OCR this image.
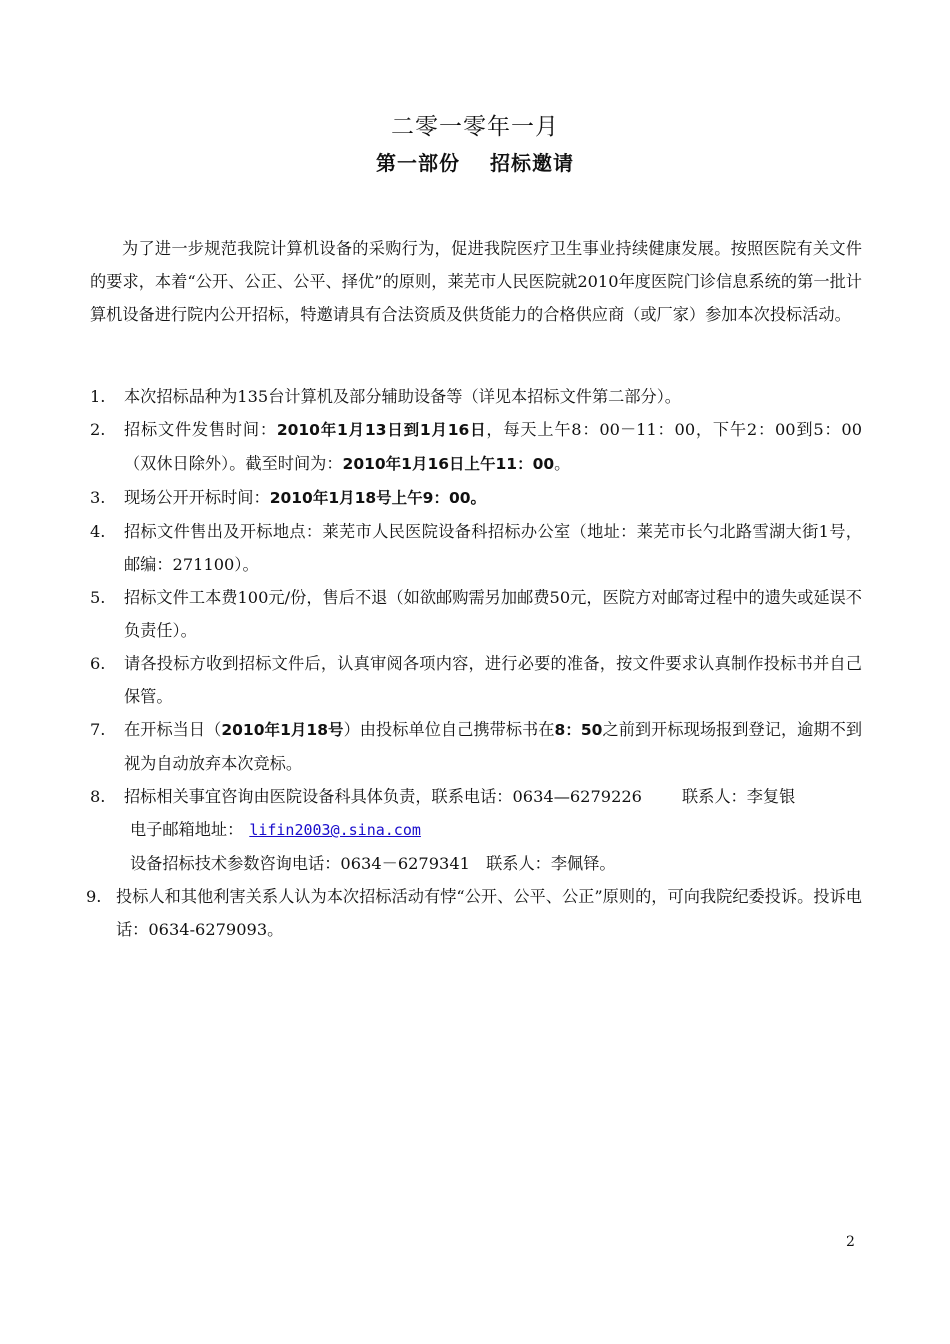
二零一零年一月
第一部份 招标邀请

为了进一步规范我院计算机设备的采购行为，促进我院医疗卫生事业持续健康发展。按照医院有关文件的要求，本着“公开、公正、公平、择优”的原则，莱芜市人民医院就2010年度医院门诊信息系统的第一批计算机设备进行院内公开招标，特邀请具有合法资质及供货能力的合格供应商（或厂家）参加本次投标活动。

1. 本次招标品种为135台计算机及部分辅助设备等（详见本招标文件第二部分）。

2. 招标文件发售时间：2010年1月13日到1月16日，每天上午8：00－11：00，下午2：00到5：00（双休日除外）。截至时间为：2010年1月16日上午11：00。

3. 现场公开开标时间：2010年1月18号上午9：00。

4. 招标文件售出及开标地点：莱芜市人民医院设备科招标办公室（地址：莱芜市长勺北路雪湖大街1号，邮编：271100）。

5. 招标文件工本费100元/份，售后不退（如欲邮购需另加邮费50元，医院方对邮寄过程中的遗失或延误不负责任）。

6. 请各投标方收到招标文件后，认真审阅各项内容，进行必要的准备，按文件要求认真制作投标书并自己保管。

7. 在开标当日（2010年1月18号）由投标单位自己携带标书在8：50之前到开标现场报到登记，逾期不到视为自动放弃本次竞标。

8. 招标相关事宜咨询由医院设备科具体负责，联系电话：0634—6279226 联系人：李复银
电子邮箱地址： lifin2003@.sina.com
设备招标技术参数咨询电话：0634－6279341　联系人：李佩铎。

9. 投标人和其他利害关系人认为本次招标活动有悖“公开、公平、公正”原则的，可向我院纪委投诉。投诉电话：0634-6279093。

2
